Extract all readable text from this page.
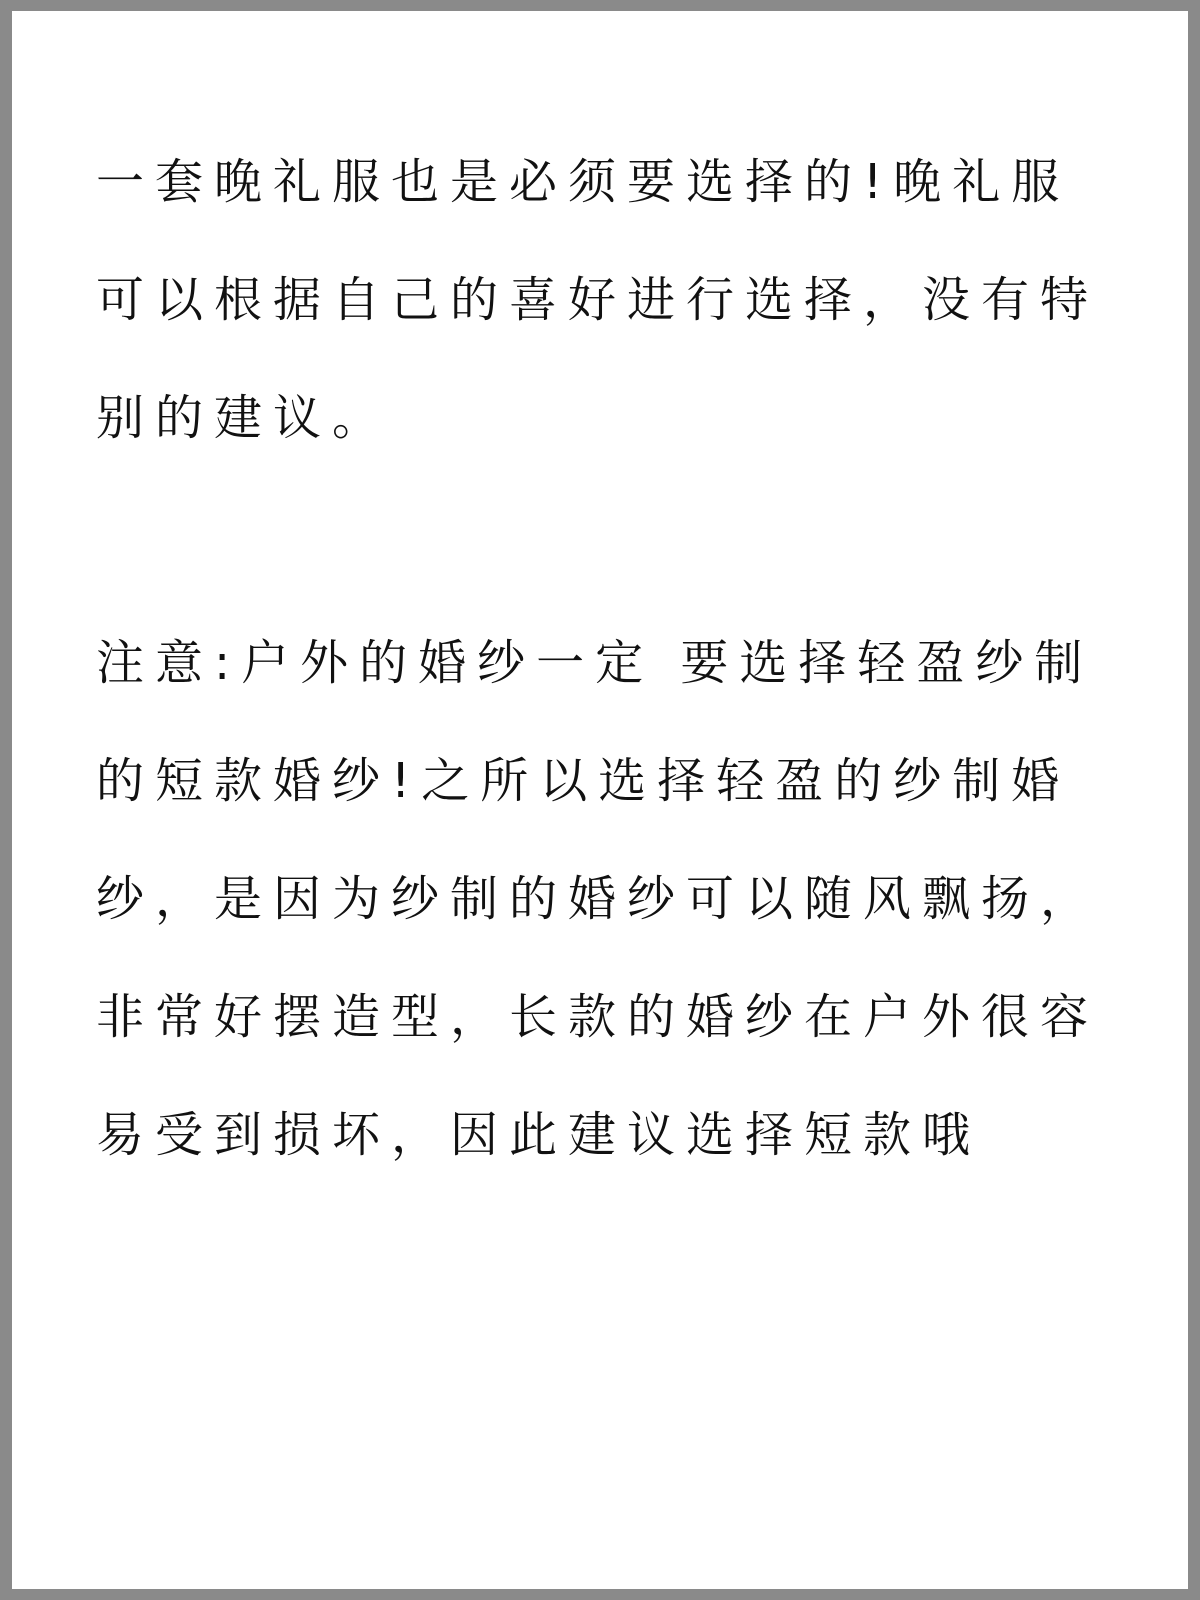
一套晚礼服也是必须要选择的!晚礼服
可以根据自己的喜好进行选择，没有特
别的建议。
注意:户外的婚纱一定 要选择轻盈纱制
的短款婚纱!之所以选择轻盈的纱制婚
纱，是因为纱制的婚纱可以随风飘扬，
非常好摆造型，长款的婚纱在户外很容
易受到损坏，因此建议选择短款哦
